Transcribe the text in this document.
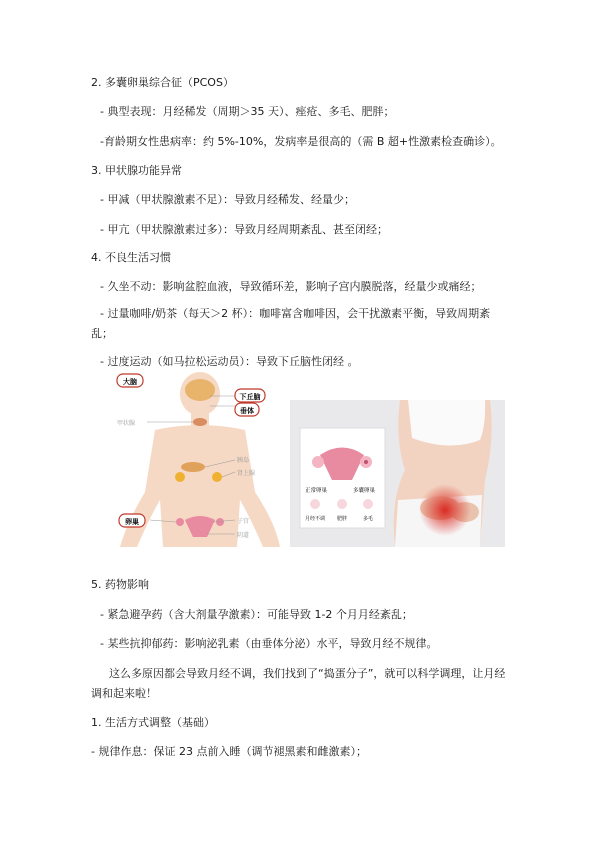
2. 多囊卵巢综合征（PCOS）
- 典型表现：月经稀发（周期＞35 天）、痤疮、多毛、肥胖；
-育龄期女性患病率：约 5%-10%，发病率是很高的（需 B 超+性激素检查确诊）。
3. 甲状腺功能异常
- 甲减（甲状腺激素不足）：导致月经稀发、经量少；
- 甲亢（甲状腺激素过多）：导致月经周期紊乱、甚至闭经；
4. 不良生活习惯
- 久坐不动：影响盆腔血液，导致循环差，影响子宫内膜脱落，经量少或痛经；
- 过量咖啡/奶茶（每天＞2 杯）：咖啡富含咖啡因，会干扰激素平衡，导致周期紊乱；
- 过度运动（如马拉松运动员）：导致下丘脑性闭经 。
大脑
下丘脑
垂体
甲状腺
胰岛
肾上腺
卵巢	子宫
阴道
正常卵巢	多囊卵巢
月经不调 肥胖	多毛
5. 药物影响
- 紧急避孕药（含大剂量孕激素）：可能导致 1-2 个月月经紊乱；
- 某些抗抑郁药：影响泌乳素（由垂体分泌）水平，导致月经不规律。
这么多原因都会导致月经不调，我们找到了“捣蛋分子”，就可以科学调理，让月经调和起来啦！
1. 生活方式调整（基础）
- 规律作息：保证 23 点前入睡（调节褪黑素和雌激素）；
